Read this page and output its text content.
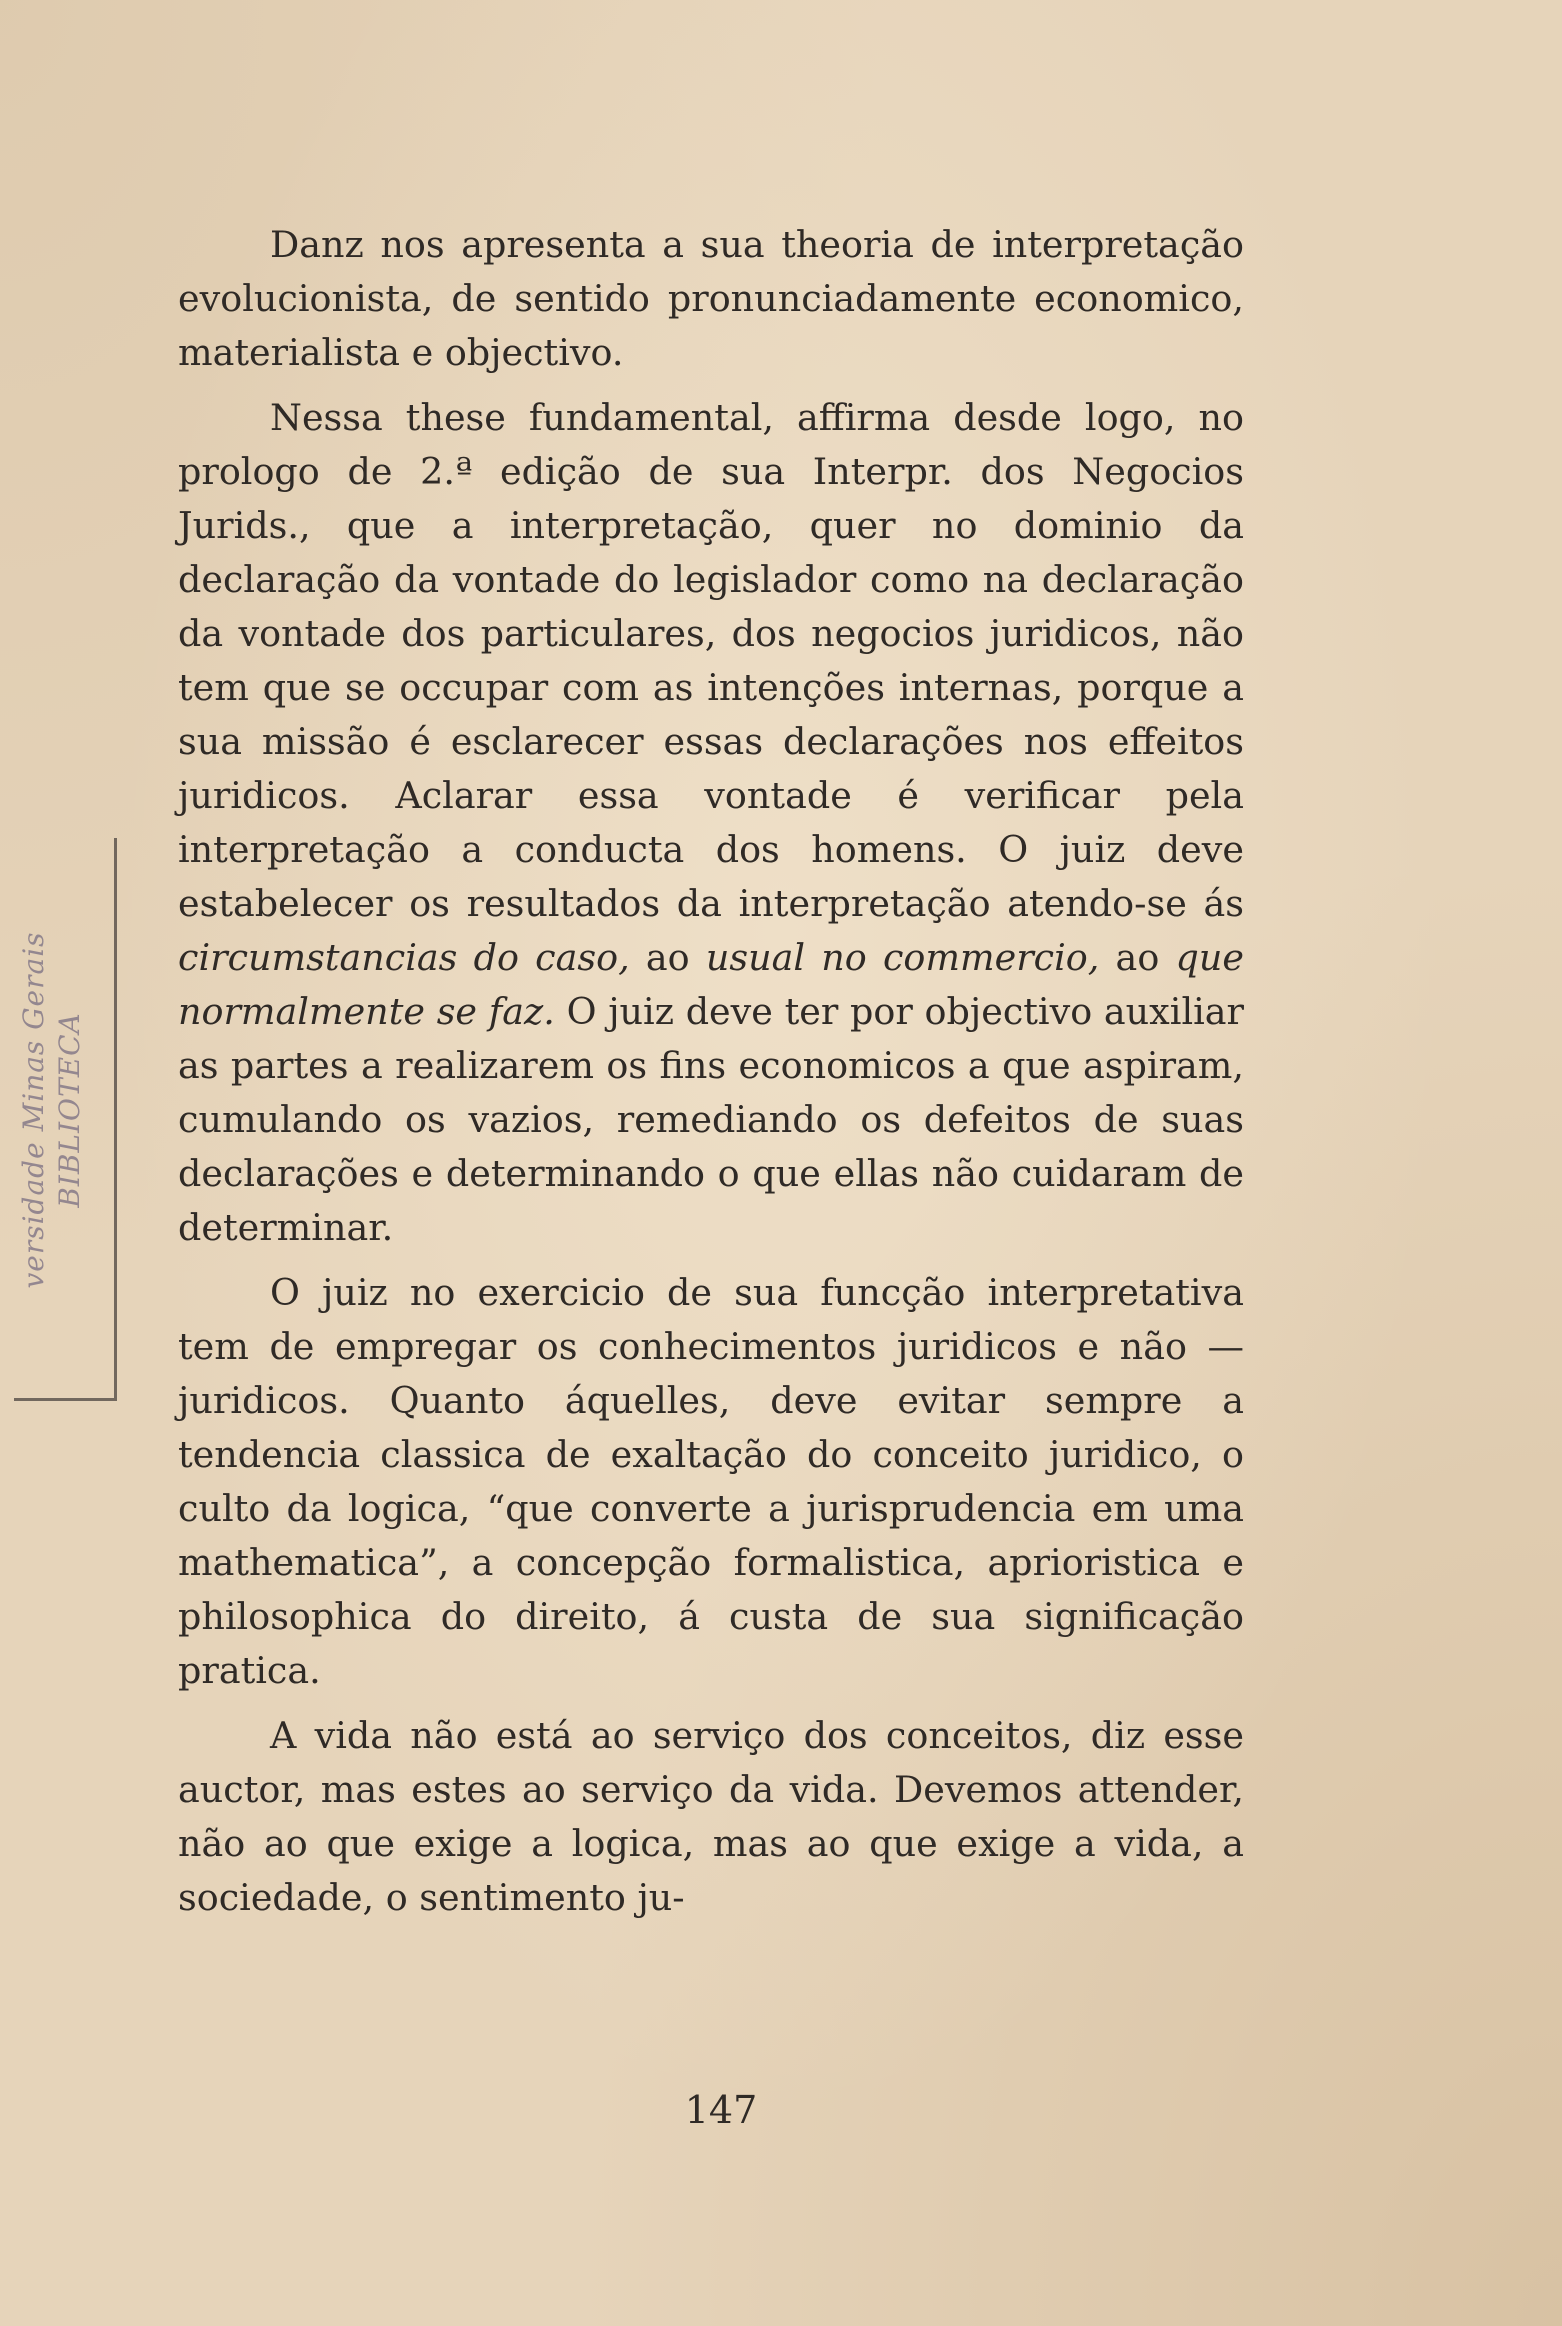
versidade Minas Gerais BIBLIOTECA

Danz nos apresenta a sua theoria de interpretação evolucionista, de sentido pronunciadamente economico, materialista e objectivo.

Nessa these fundamental, affirma desde logo, no prologo de 2.ª edição de sua Interpr. dos Negocios Jurids., que a interpretação, quer no dominio da declaração da vontade do legislador como na declaração da vontade dos particulares, dos negocios juridicos, não tem que se occupar com as intenções internas, porque a sua missão é esclarecer essas declarações nos effeitos juridicos. Aclarar essa vontade é verificar pela interpretação a conducta dos homens. O juiz deve estabelecer os resultados da interpretação atendo-se ás circumstancias do caso, ao usual no commercio, ao que normalmente se faz. O juiz deve ter por objectivo auxiliar as partes a realizarem os fins economicos a que aspiram, cumulando os vazios, remediando os defeitos de suas declarações e determinando o que ellas não cuidaram de determinar.

O juiz no exercicio de sua funcção interpretativa tem de empregar os conhecimentos juridicos e não — juridicos. Quanto áquelles, deve evitar sempre a tendencia classica de exaltação do conceito juridico, o culto da logica, “que converte a jurisprudencia em uma mathematica”, a concepção formalistica, aprioristica e philosophica do direito, á custa de sua significação pratica.

A vida não está ao serviço dos conceitos, diz esse auctor, mas estes ao serviço da vida. Devemos attender, não ao que exige a logica, mas ao que exige a vida, a sociedade, o sentimento ju-

147
